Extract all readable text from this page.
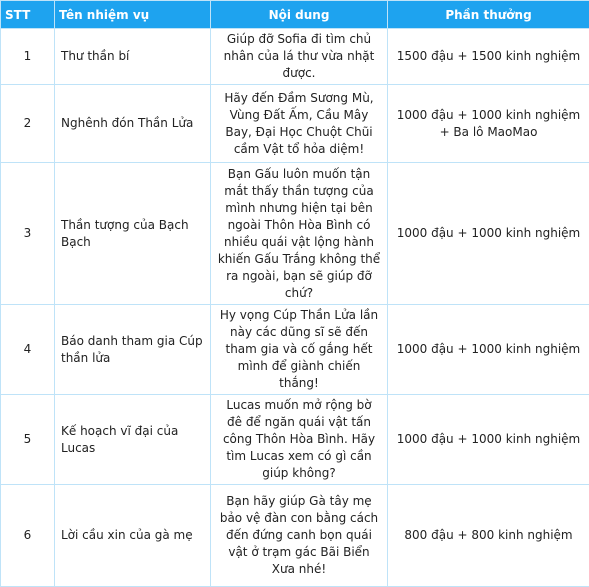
STT	Tên nhiệm vụ	Nội dung	Phần thưởng
1	Thư thần bí	Giúp đỡ Sofia đi tìm chủ nhân của lá thư vừa nhặt được.	1500 đậu + 1500 kinh nghiệm
2	Nghênh đón Thần Lửa	Hãy đến Đầm Sương Mù, Vùng Đất Ấm, Cầu Mây Bay, Đại Học Chuột Chũi cầm Vật tổ hỏa diệm!	1000 đậu + 1000 kinh nghiệm + Ba lô MaoMao
3	Thần tượng của Bạch Bạch	Bạn Gấu luôn muốn tận mắt thấy thần tượng của mình nhưng hiện tại bên ngoài Thôn Hòa Bình có nhiều quái vật lộng hành khiến Gấu Trắng không thể ra ngoài, bạn sẽ giúp đỡ chứ?	1000 đậu + 1000 kinh nghiệm
4	Báo danh tham gia Cúp thần lửa	Hy vọng Cúp Thần Lửa lần này các dũng sĩ sẽ đến tham gia và cố gắng hết mình để giành chiến thắng!	1000 đậu + 1000 kinh nghiệm
5	Kế hoạch vĩ đại của Lucas	Lucas muốn mở rộng bờ đê để ngăn quái vật tấn công Thôn Hòa Bình. Hãy tìm Lucas xem có gì cần giúp không?	1000 đậu + 1000 kinh nghiệm
6	Lời cầu xin của gà mẹ	Bạn hãy giúp Gà tây mẹ bảo vệ đàn con bằng cách đến đứng canh bọn quái vật ở trạm gác Bãi Biển Xưa nhé!	800 đậu + 800 kinh nghiệm
